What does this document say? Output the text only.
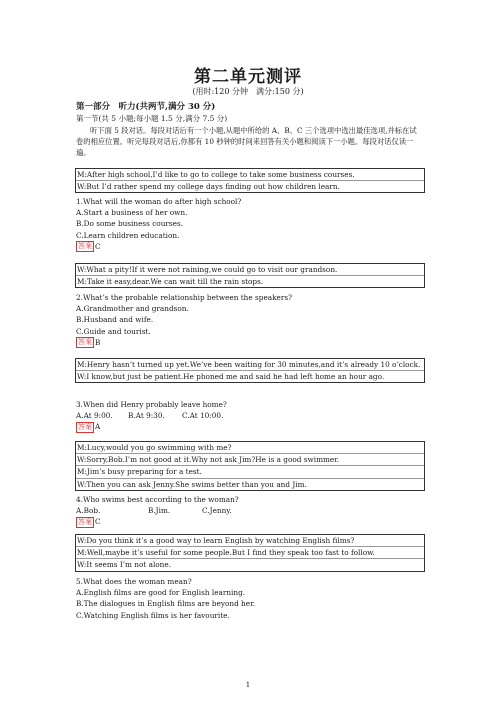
第二单元测评
(用时:120 分钟　满分:150 分)
第一部分　听力(共两节,满分 30 分)
第一节(共 5 小题;每小题 1.5 分,满分 7.5 分)
听下面 5 段对话。每段对话后有一个小题,从题中所给的 A、B、C 三个选项中选出最佳选项,并标在试卷的相应位置。听完每段对话后,你都有 10 秒钟的时间来回答有关小题和阅读下一小题。每段对话仅读一遍。
M:After high school,I’d like to go to college to take some business courses.
W:But I’d rather spend my college days finding out how children learn.
1.What will the woman do after high school?
A.Start a business of her own.
B.Do some business courses.
C.Learn children education.
答案 C
W:What a pity!If it were not raining,we could go to visit our grandson.
M:Take it easy,dear.We can wait till the rain stops.
2.What’s the probable relationship between the speakers?
A.Grandmother and grandson.
B.Husband and wife.
C.Guide and tourist.
答案 B
M:Henry hasn’t turned up yet.We’ve been waiting for 30 minutes,and it’s already 10 o’clock.
W:I know,but just be patient.He phoned me and said he had left home an hour ago.
3.When did Henry probably leave home?
A.At 9:00. B.At 9:30. C.At 10:00.
答案 A
M:Lucy,would you go swimming with me?
W:Sorry,Bob.I’m not good at it.Why not ask Jim?He is a good swimmer.
M:Jim’s busy preparing for a test.
W:Then you can ask Jenny.She swims better than you and Jim.
4.Who swims best according to the woman?
A.Bob.	B.Jim.	C.Jenny.
答案 C
W:Do you think it’s a good way to learn English by watching English films?
M:Well,maybe it’s useful for some people.But I find they speak too fast to follow.
W:It seems I’m not alone.
5.What does the woman mean?
A.English films are good for English learning.
B.The dialogues in English films are beyond her.
C.Watching English films is her favourite.
1
